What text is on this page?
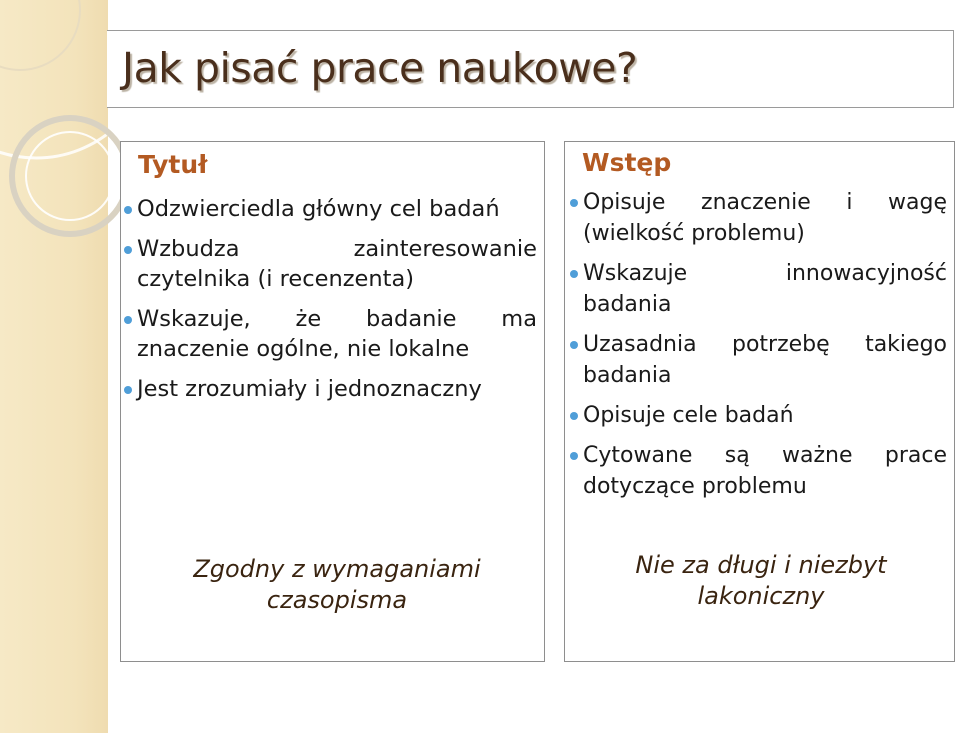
Jak pisać prace naukowe?
Tytuł
Odzwierciedla główny cel badań
Wzbudza zainteresowanie czytelnika (i recenzenta)
Wskazuje, że badanie ma znaczenie ogólne, nie lokalne
Jest zrozumiały i jednoznaczny

Zgodny z wymaganiami czasopisma

Wstęp
Opisuje znaczenie i wagę (wielkość problemu)
Wskazuje innowacyjność badania
Uzasadnia potrzebę takiego badania
Opisuje cele badań
Cytowane są ważne prace dotyczące problemu

Nie za długi i niezbyt lakoniczny
